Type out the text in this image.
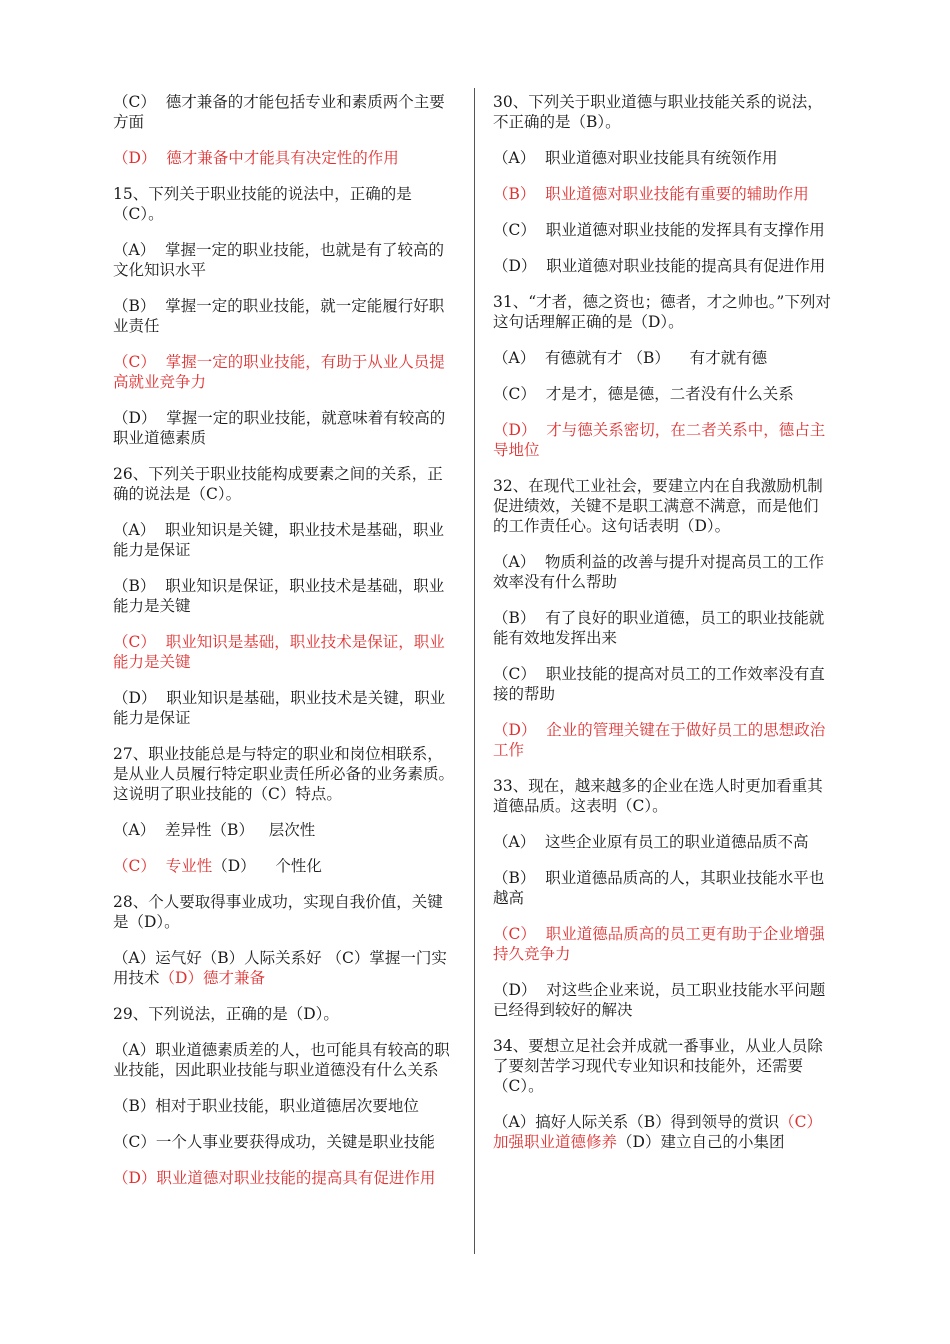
（C）  德才兼备的才能包括专业和素质两个主要方面

（D）  德才兼备中才能具有决定性的作用

15、下列关于职业技能的说法中，正确的是（C）。

（A）  掌握一定的职业技能，也就是有了较高的文化知识水平

（B）  掌握一定的职业技能，就一定能履行好职业责任

（C）  掌握一定的职业技能，有助于从业人员提高就业竞争力

（D）  掌握一定的职业技能，就意味着有较高的职业道德素质

26、下列关于职业技能构成要素之间的关系，正确的说法是（C）。

（A）  职业知识是关键，职业技术是基础，职业能力是保证

（B）  职业知识是保证，职业技术是基础，职业能力是关键

（C）  职业知识是基础，职业技术是保证，职业能力是关键

（D）  职业知识是基础，职业技术是关键，职业能力是保证

27、职业技能总是与特定的职业和岗位相联系，是从业人员履行特定职业责任所必备的业务素质。这说明了职业技能的（C）特点。

（A）  差异性（B）   层次性

（C）  专业性（D）    个性化

28、个人要取得事业成功，实现自我价值，关键是（D）。

（A）运气好（B）人际关系好 （C）掌握一门实用技术（D）德才兼备

29、下列说法，正确的是（D）。

（A）职业道德素质差的人，也可能具有较高的职业技能，因此职业技能与职业道德没有什么关系

（B）相对于职业技能，职业道德居次要地位

（C）一个人事业要获得成功，关键是职业技能

（D）职业道德对职业技能的提高具有促进作用

30、下列关于职业道德与职业技能关系的说法，不正确的是（B）。

（A）  职业道德对职业技能具有统领作用

（B）  职业道德对职业技能有重要的辅助作用

（C）  职业道德对职业技能的发挥具有支撑作用

（D）  职业道德对职业技能的提高具有促进作用

31、“才者，德之资也；德者，才之帅也。”下列对这句话理解正确的是（D）。

（A）  有德就有才 （B）    有才就有德

（C）  才是才，德是德，二者没有什么关系

（D）  才与德关系密切，在二者关系中，德占主导地位

32、在现代工业社会，要建立内在自我激励机制促进绩效，关键不是职工满意不满意，而是他们的工作责任心。这句话表明（D）。

（A）  物质利益的改善与提升对提高员工的工作效率没有什么帮助

（B）  有了良好的职业道德，员工的职业技能就能有效地发挥出来

（C）  职业技能的提高对员工的工作效率没有直接的帮助

（D）  企业的管理关键在于做好员工的思想政治工作

33、现在，越来越多的企业在选人时更加看重其道德品质。这表明（C）。

（A）  这些企业原有员工的职业道德品质不高

（B）  职业道德品质高的人，其职业技能水平也越高

（C）  职业道德品质高的员工更有助于企业增强持久竞争力

（D）  对这些企业来说，员工职业技能水平问题已经得到较好的解决

34、要想立足社会并成就一番事业，从业人员除了要刻苦学习现代专业知识和技能外，还需要（C）。

（A）搞好人际关系（B）得到领导的赏识（C）加强职业道德修养（D）建立自己的小集团
